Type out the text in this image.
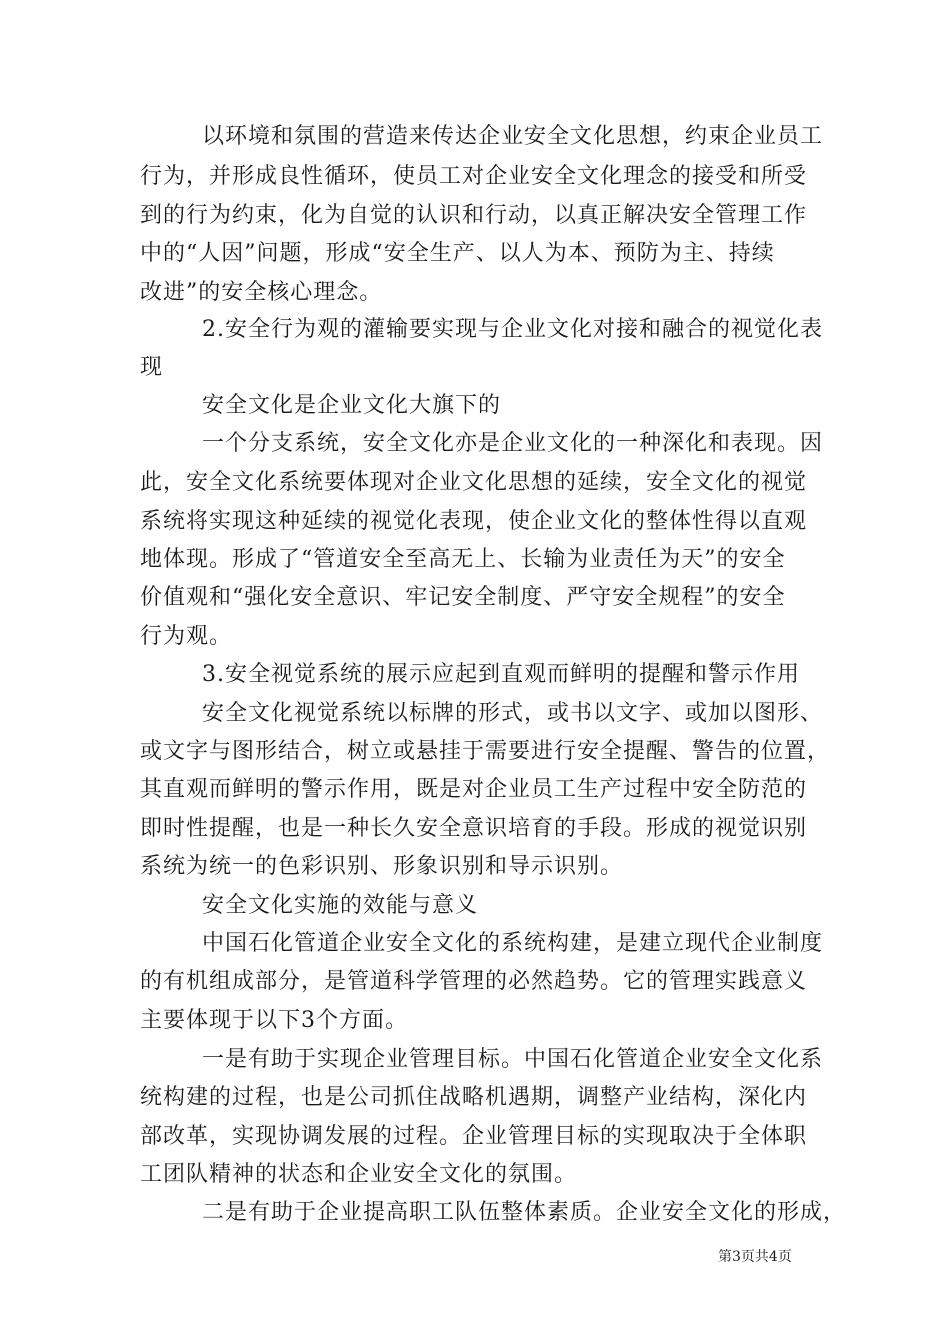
以环境和氛围的营造来传达企业安全文化思想，约束企业员工
行为，并形成良性循环，使员工对企业安全文化理念的接受和所受
到的行为约束，化为自觉的认识和行动，以真正解决安全管理工作
中的“人因”问题，形成“安全生产、以人为本、预防为主、持续
改进”的安全核心理念。
2.安全行为观的灌输要实现与企业文化对接和融合的视觉化表
现
安全文化是企业文化大旗下的
一个分支系统，安全文化亦是企业文化的一种深化和表现。因
此，安全文化系统要体现对企业文化思想的延续，安全文化的视觉
系统将实现这种延续的视觉化表现，使企业文化的整体性得以直观
地体现。形成了“管道安全至高无上、长输为业责任为天”的安全
价值观和“强化安全意识、牢记安全制度、严守安全规程”的安全
行为观。
3.安全视觉系统的展示应起到直观而鲜明的提醒和警示作用
安全文化视觉系统以标牌的形式，或书以文字、或加以图形、
或文字与图形结合，树立或悬挂于需要进行安全提醒、警告的位置，
其直观而鲜明的警示作用，既是对企业员工生产过程中安全防范的
即时性提醒，也是一种长久安全意识培育的手段。形成的视觉识别
系统为统一的色彩识别、形象识别和导示识别。
安全文化实施的效能与意义
中国石化管道企业安全文化的系统构建，是建立现代企业制度
的有机组成部分，是管道科学管理的必然趋势。它的管理实践意义
主要体现于以下3个方面。
一是有助于实现企业管理目标。中国石化管道企业安全文化系
统构建的过程，也是公司抓住战略机遇期，调整产业结构，深化内
部改革，实现协调发展的过程。企业管理目标的实现取决于全体职
工团队精神的状态和企业安全文化的氛围。
二是有助于企业提高职工队伍整体素质。企业安全文化的形成，
第3页共4页
